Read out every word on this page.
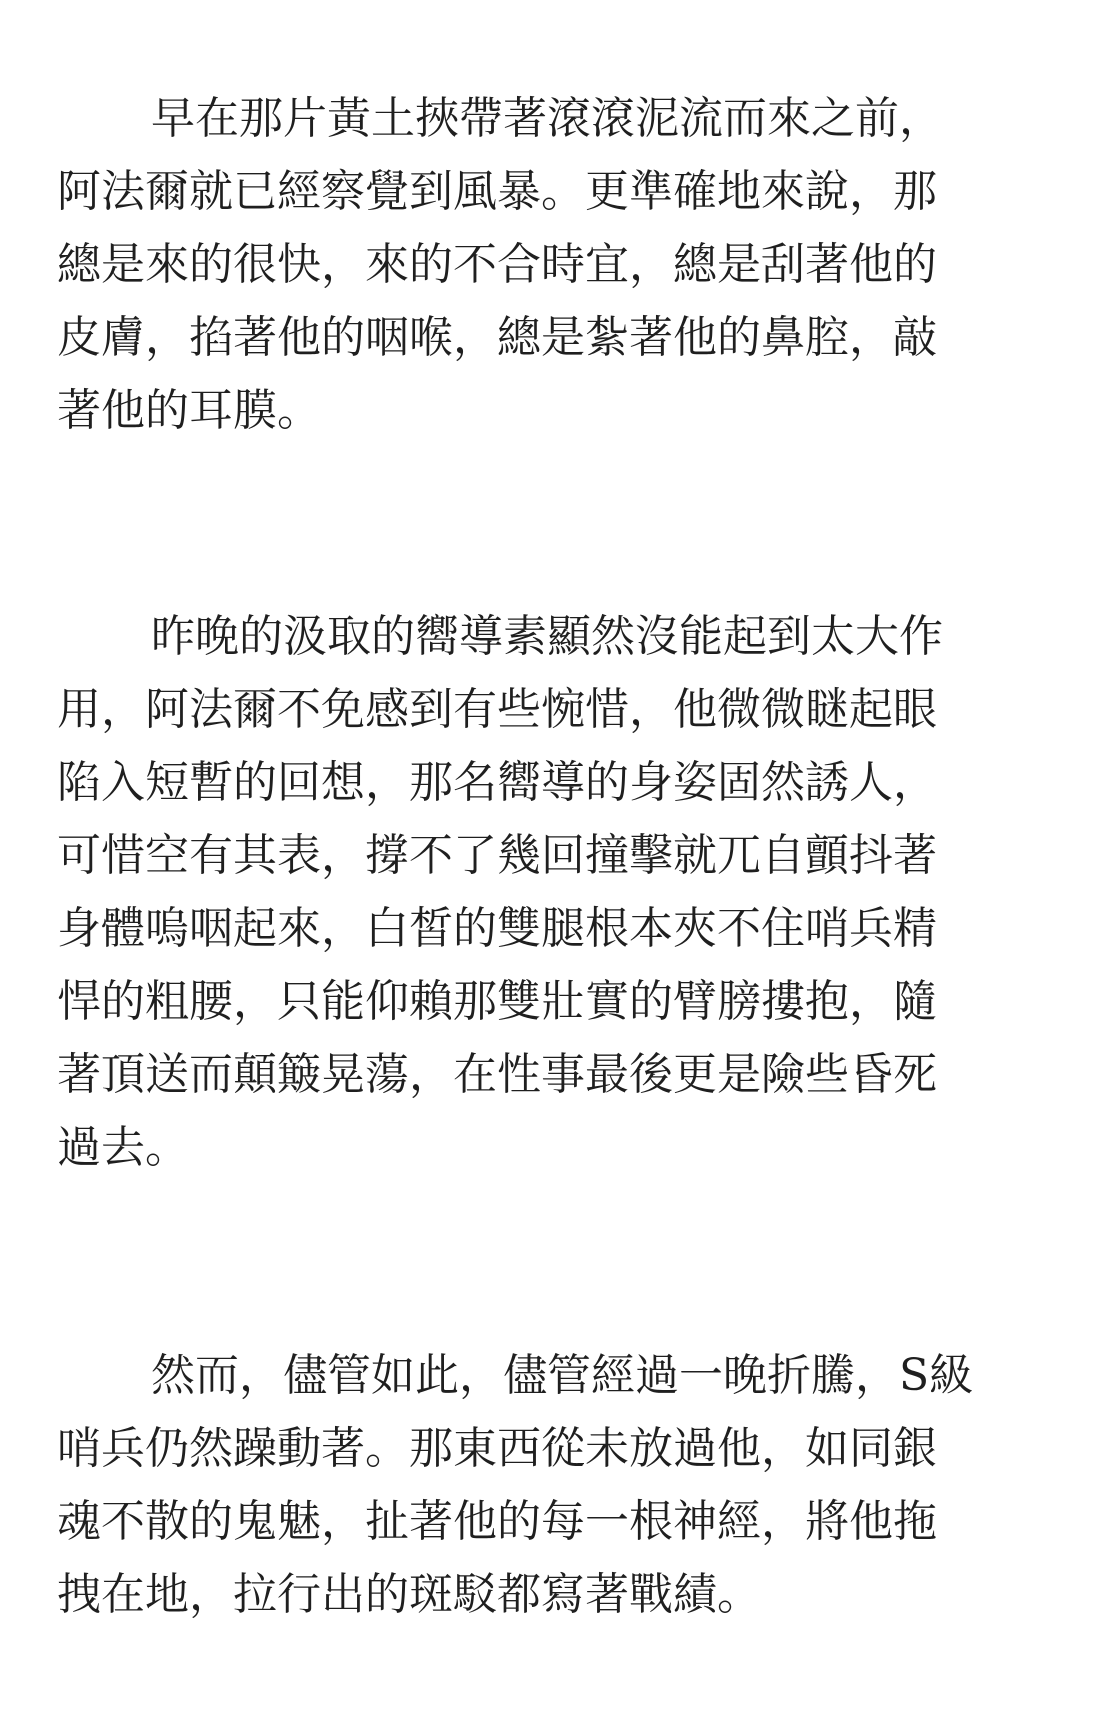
早在那片黃土挾帶著滾滾泥流而來之前，
阿法爾就已經察覺到風暴。更準確地來說，那
總是來的很快，來的不合時宜，總是刮著他的
皮膚，掐著他的咽喉，總是紮著他的鼻腔，敲
著他的耳膜。
昨晚的汲取的嚮導素顯然沒能起到太大作
用，阿法爾不免感到有些惋惜，他微微瞇起眼
陷入短暫的回想，那名嚮導的身姿固然誘人，
可惜空有其表，撐不了幾回撞擊就兀自顫抖著
身體嗚咽起來，白皙的雙腿根本夾不住哨兵精
悍的粗腰，只能仰賴那雙壯實的臂膀摟抱，隨
著頂送而顛簸晃蕩，在性事最後更是險些昏死
過去。
然而，儘管如此，儘管經過一晚折騰，S級
哨兵仍然躁動著。那東西從未放過他，如同銀
魂不散的鬼魅，扯著他的每一根神經，將他拖
拽在地，拉行出的斑駁都寫著戰績。
